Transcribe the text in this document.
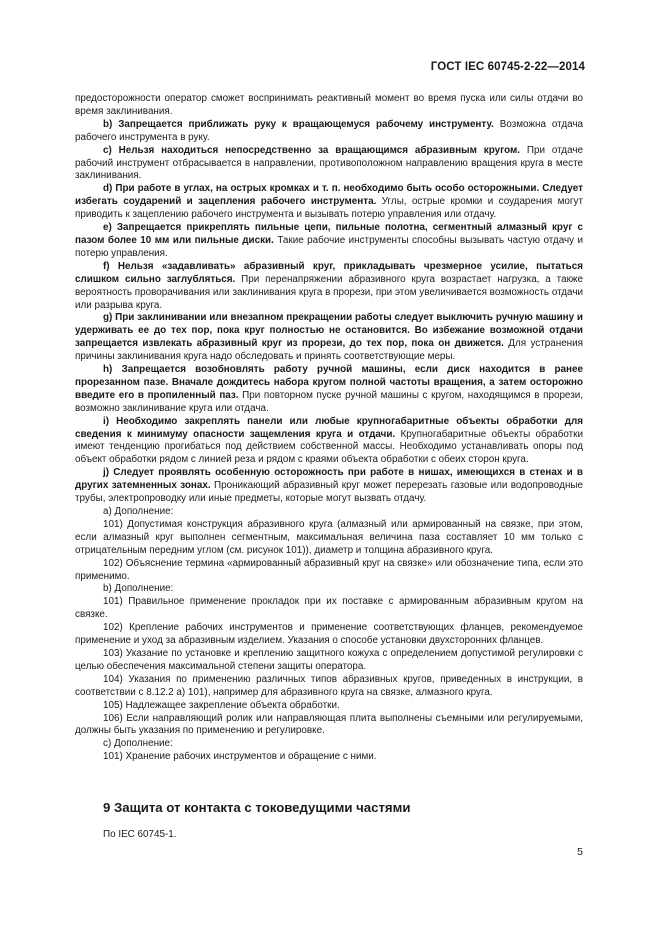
ГОСТ IEC 60745-2-22—2014

предосторожности оператор сможет воспринимать реактивный момент во время пуска или силы отдачи во время заклинивания.

b) Запрещается приближать руку к вращающемуся рабочему инструменту. Возможна отдача рабочего инструмента в руку.

c) Нельзя находиться непосредственно за вращающимся абразивным кругом. При отдаче рабочий инструмент отбрасывается в направлении, противоположном направлению вращения круга в месте заклинивания.

d) При работе в углах, на острых кромках и т. п. необходимо быть особо осторожными. Следует избегать соударений и зацепления рабочего инструмента. Углы, острые кромки и соударения могут приводить к зацеплению рабочего инструмента и вызывать потерю управления или отдачу.

e) Запрещается прикреплять пильные цепи, пильные полотна, сегментный алмазный круг с пазом более 10 мм или пильные диски. Такие рабочие инструменты способны вызывать частую отдачу и потерю управления.

f) Нельзя «задавливать» абразивный круг, прикладывать чрезмерное усилие, пытаться слишком сильно заглубляться. При перенапряжении абразивного круга возрастает нагрузка, а также вероятность проворачивания или заклинивания круга в прорези, при этом увеличивается возможность отдачи или разрыва круга.

g) При заклинивании или внезапном прекращении работы следует выключить ручную машину и удерживать ее до тех пор, пока круг полностью не остановится. Во избежание возможной отдачи запрещается извлекать абразивный круг из прорези, до тех пор, пока он движется. Для устранения причины заклинивания круга надо обследовать и принять соответствующие меры.

h) Запрещается возобновлять работу ручной машины, если диск находится в ранее прорезанном пазе. Вначале дождитесь набора кругом полной частоты вращения, а затем осторожно введите его в пропиленный паз. При повторном пуске ручной машины с кругом, находящимся в прорези, возможно заклинивание круга или отдача.

i) Необходимо закреплять панели или любые крупногабаритные объекты обработки для сведения к минимуму опасности защемления круга и отдачи. Крупногабаритные объекты обработки имеют тенденцию прогибаться под действием собственной массы. Необходимо устанавливать опоры под объект обработки рядом с линией реза и рядом с краями объекта обработки с обеих сторон круга.

j) Следует проявлять особенную осторожность при работе в нишах, имеющихся в стенах и в других затемненных зонах. Проникающий абразивный круг может перерезать газовые или водопроводные трубы, электропроводку или иные предметы, которые могут вызвать отдачу.

a) Дополнение:

101) Допустимая конструкция абразивного круга (алмазный или армированный на связке, при этом, если алмазный круг выполнен сегментным, максимальная величина паза составляет 10 мм только с отрицательным передним углом (см. рисунок 101)), диаметр и толщина абразивного круга.

102) Объяснение термина «армированный абразивный круг на связке» или обозначение типа, если это применимо.

b) Дополнение:

101) Правильное применение прокладок при их поставке с армированным абразивным кругом на связке.

102) Крепление рабочих инструментов и применение соответствующих фланцев, рекомендуемое применение и уход за абразивным изделием. Указания о способе установки двухсторонних фланцев.

103) Указание по установке и креплению защитного кожуха с определением допустимой регулировки с целью обеспечения максимальной степени защиты оператора.

104) Указания по применению различных типов абразивных кругов, приведенных в инструкции, в соответствии с 8.12.2 а) 101), например для абразивного круга на связке, алмазного круга.

105) Надлежащее закрепление объекта обработки.

106) Если направляющий ролик или направляющая плита выполнены съемными или регулируемыми, должны быть указания по применению и регулировке.

c) Дополнение:

101) Хранение рабочих инструментов и обращение с ними.

9 Защита от контакта с токоведущими частями
По IEC 60745-1.
5
